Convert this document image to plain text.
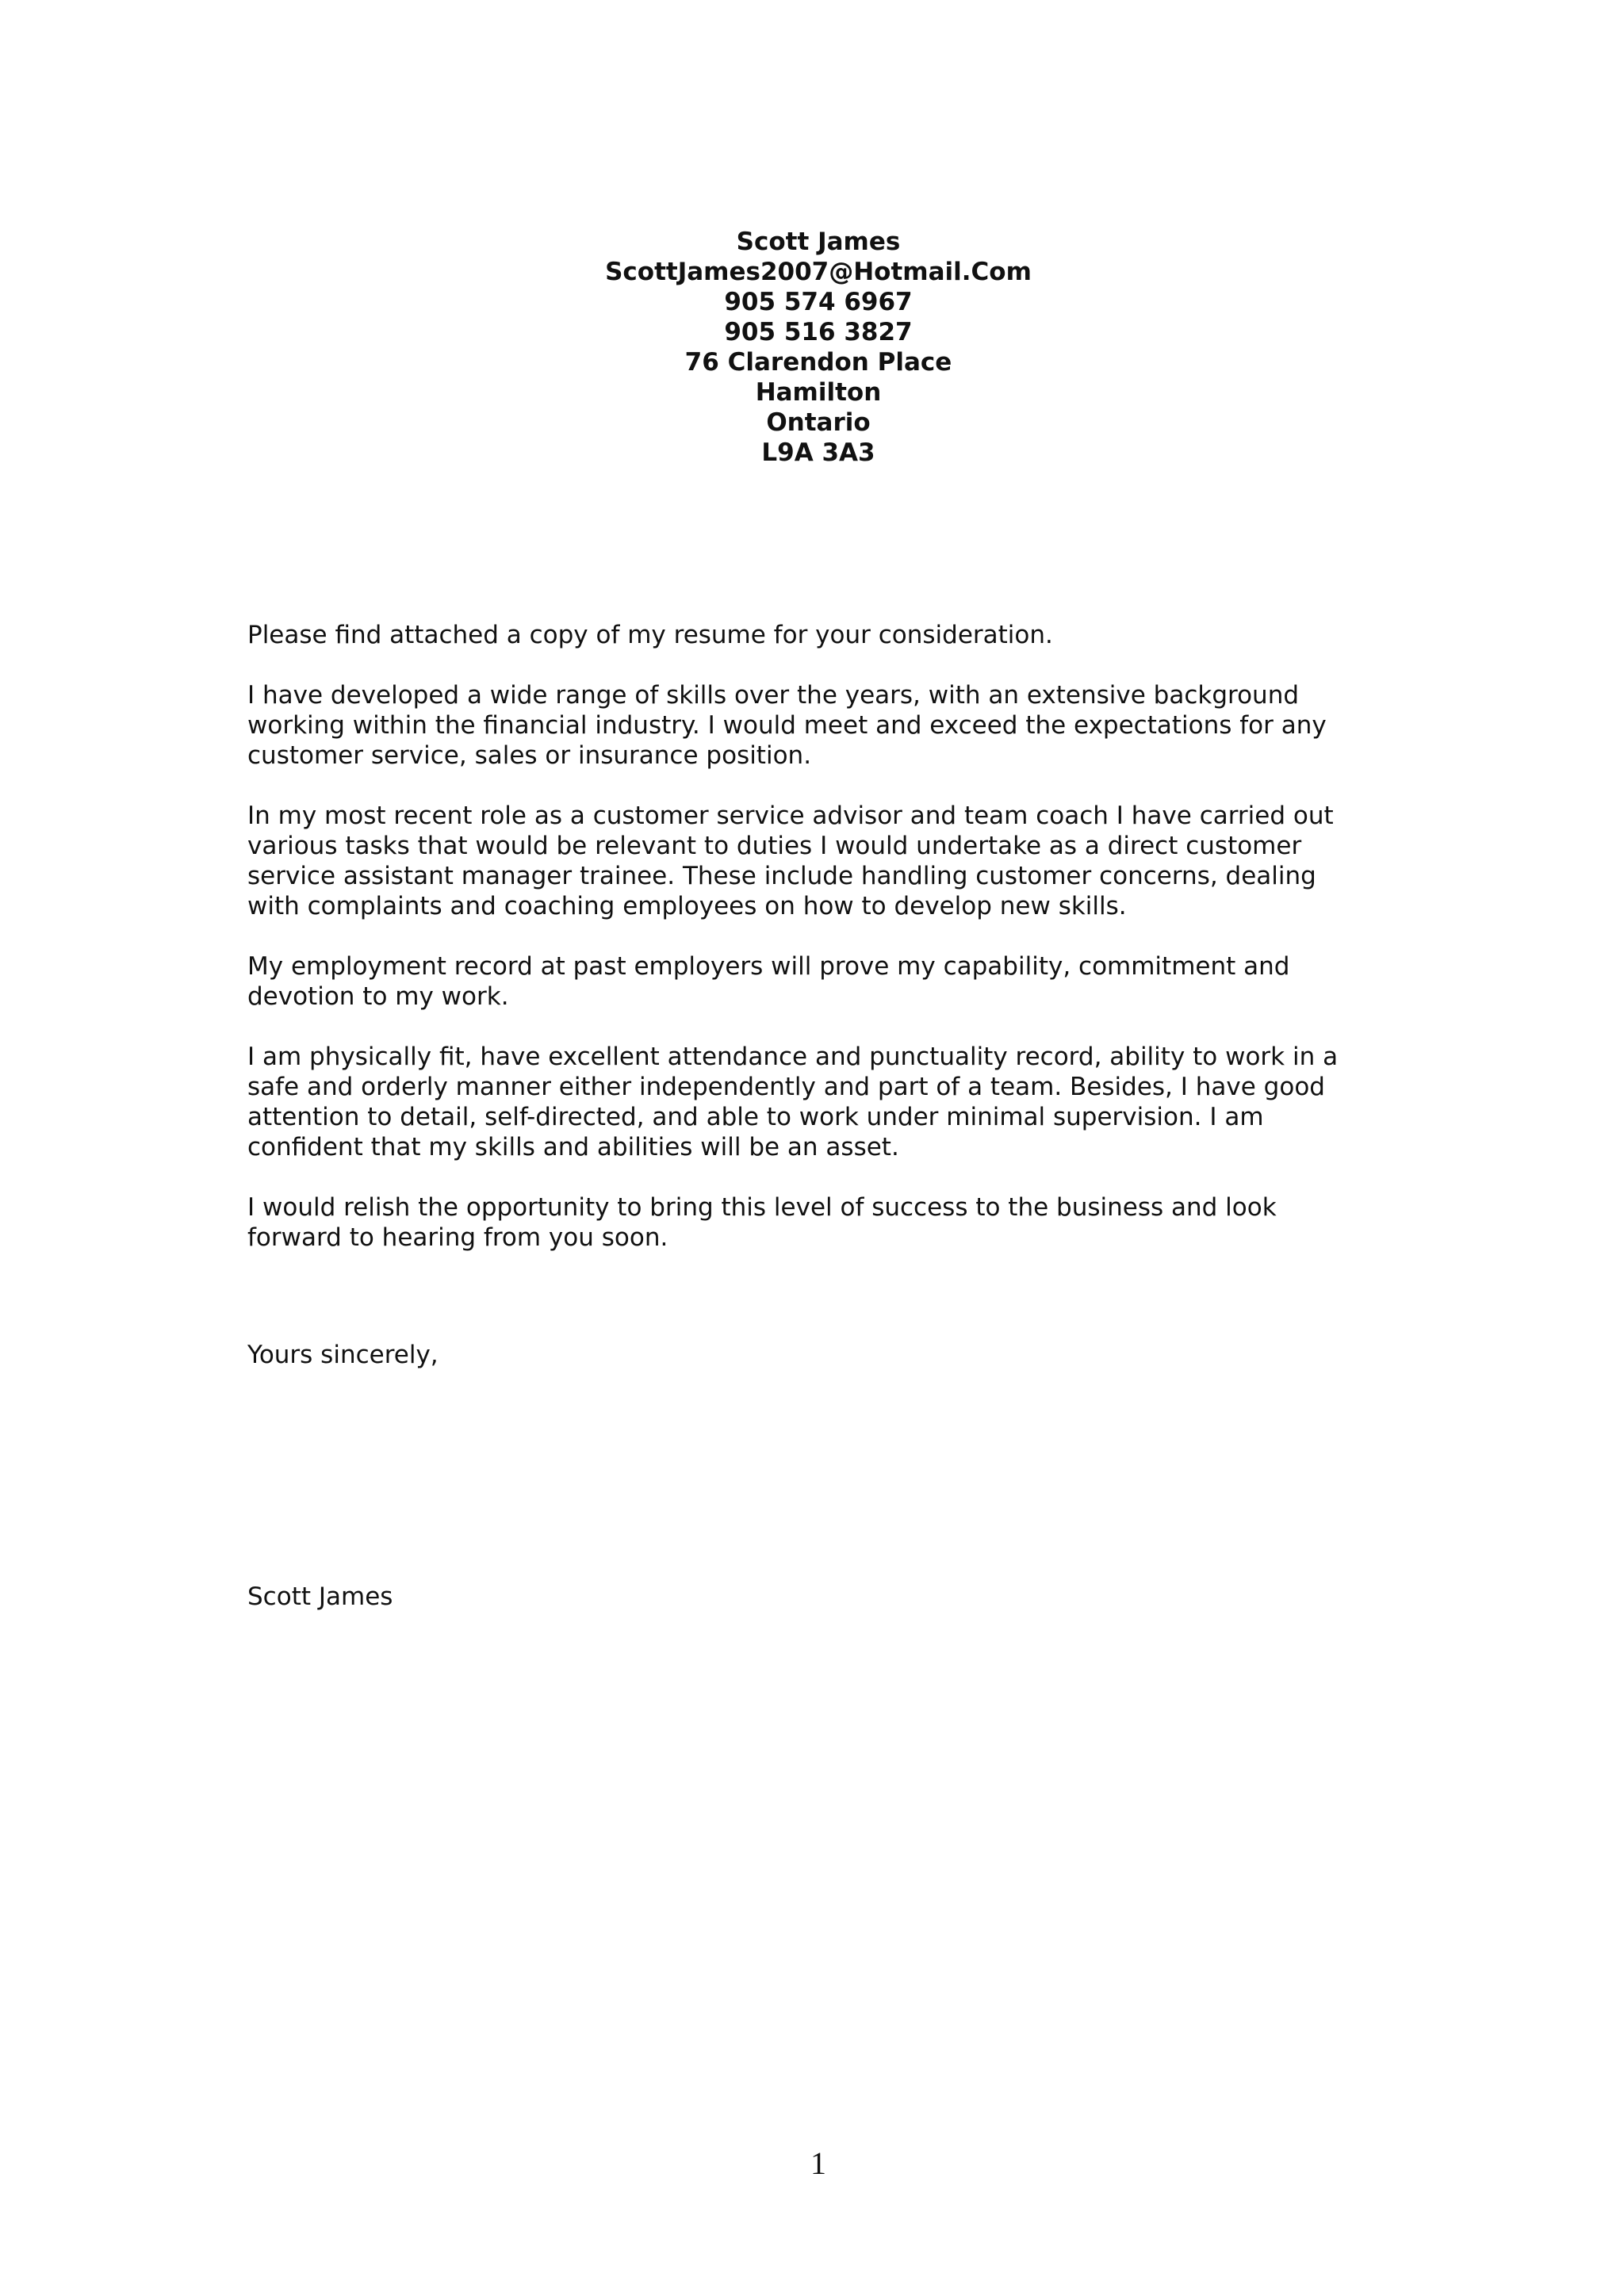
Scott James
ScottJames2007@Hotmail.Com
905 574 6967
905 516 3827
76 Clarendon Place
Hamilton
Ontario
L9A 3A3

Please find attached a copy of my resume for your consideration.

I have developed a wide range of skills over the years, with an extensive background
working within the financial industry. I would meet and exceed the expectations for any
customer service, sales or insurance position.

In my most recent role as a customer service advisor and team coach I have carried out
various tasks that would be relevant to duties I would undertake as a direct customer
service assistant manager trainee. These include handling customer concerns, dealing
with complaints and coaching employees on how to develop new skills.

My employment record at past employers will prove my capability, commitment and
devotion to my work.

I am physically fit, have excellent attendance and punctuality record, ability to work in a
safe and orderly manner either independently and part of a team. Besides, I have good
attention to detail, self-directed, and able to work under minimal supervision. I am
confident that my skills and abilities will be an asset.

I would relish the opportunity to bring this level of success to the business and look
forward to hearing from you soon.

Yours sincerely,
Scott James
1
